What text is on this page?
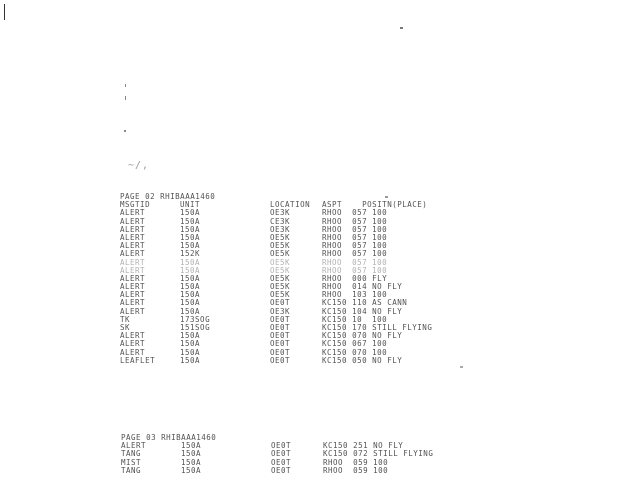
~/,
PAGE 02 RHIBAAA1460
MSGTID	UNIT	LOCATION	ASPT	POSITN(PLACE)
ALERT	150A	OE3K	RHOO  057 100
ALERT	150A	CE3K	RHOO  057 100
ALERT	150A	OE3K	RHOO  057 100
ALERT	150A	OE5K	RHOO  057 100
ALERT	150A	OE5K	RHOO  057 100
ALERT	152K	OE5K	RHOO  057 100
ALERT	150A	OE5K	RHOO  057 100
ALERT	150A	OE5K	RHOO  057 100
ALERT	150A	OE5K	RHOO  000 FLY
ALERT	150A	OE5K	RHOO  014 NO FLY
ALERT	150A	OE5K	RHOO  103 100
ALERT	150A	OE0T	KC150 110 AS CANN
ALERT	150A	OE3K	KC150 104 NO FLY
TK	173SOG	OE0T	KC150 10  100
SK	151SOG	OE0T	KC150 170 STILL FLYING
ALERT	150A	OE0T	KC150 070 NO FLY
ALERT	150A	OE0T	KC150 067 100
ALERT	150A	OE0T	KC150 070 100
LEAFLET	150A	OE0T	KC150 050 NO FLY
PAGE 03 RHIBAAA1460
ALERT	150A	OE0T	KC150 251 NO FLY
TANG	150A	OE0T	KC150 072 STILL FLYING
MIST	150A	OE0T	RHOO  059 100
TANG	150A	OE0T	RHOO  059 100
